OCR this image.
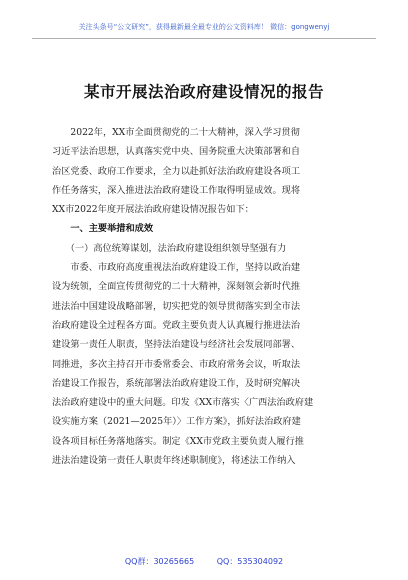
关注头条号“公文研究”，获得最新最全最专业的公文资料库！ 微信：gongwenyj
某市开展法治政府建设情况的报告
　　2022年，XX市全面贯彻党的二十大精神，深入学习贯彻
习近平法治思想，认真落实党中央、国务院重大决策部署和自
治区党委、政府工作要求，全力以赴抓好法治政府建设各项工
作任务落实，深入推进法治政府建设工作取得明显成效。现将
XX市2022年度开展法治政府建设情况报告如下：
　　一、主要举措和成效
　　（一）高位统筹谋划，法治政府建设组织领导坚强有力
　　市委、市政府高度重视法治政府建设工作，坚持以政治建
设为统领，全面宣传贯彻党的二十大精神，深刻领会新时代推
进法治中国建设战略部署，切实把党的领导贯彻落实到全市法
治政府建设全过程各方面。党政主要负责人认真履行推进法治
建设第一责任人职责，坚持法治建设与经济社会发展同部署、
同推进，多次主持召开市委常委会、市政府常务会议，听取法
治建设工作报告，系统部署法治政府建设工作，及时研究解决
法治政府建设中的重大问题。印发《XX市落实〈广西法治政府建
设实施方案（2021—2025年）〉工作方案》，抓好法治政府建
设各项目标任务落地落实。制定《XX市党政主要负责人履行推
进法治建设第一责任人职责年终述职制度》，将述法工作纳入
QQ群：30265665	QQ：535304092
